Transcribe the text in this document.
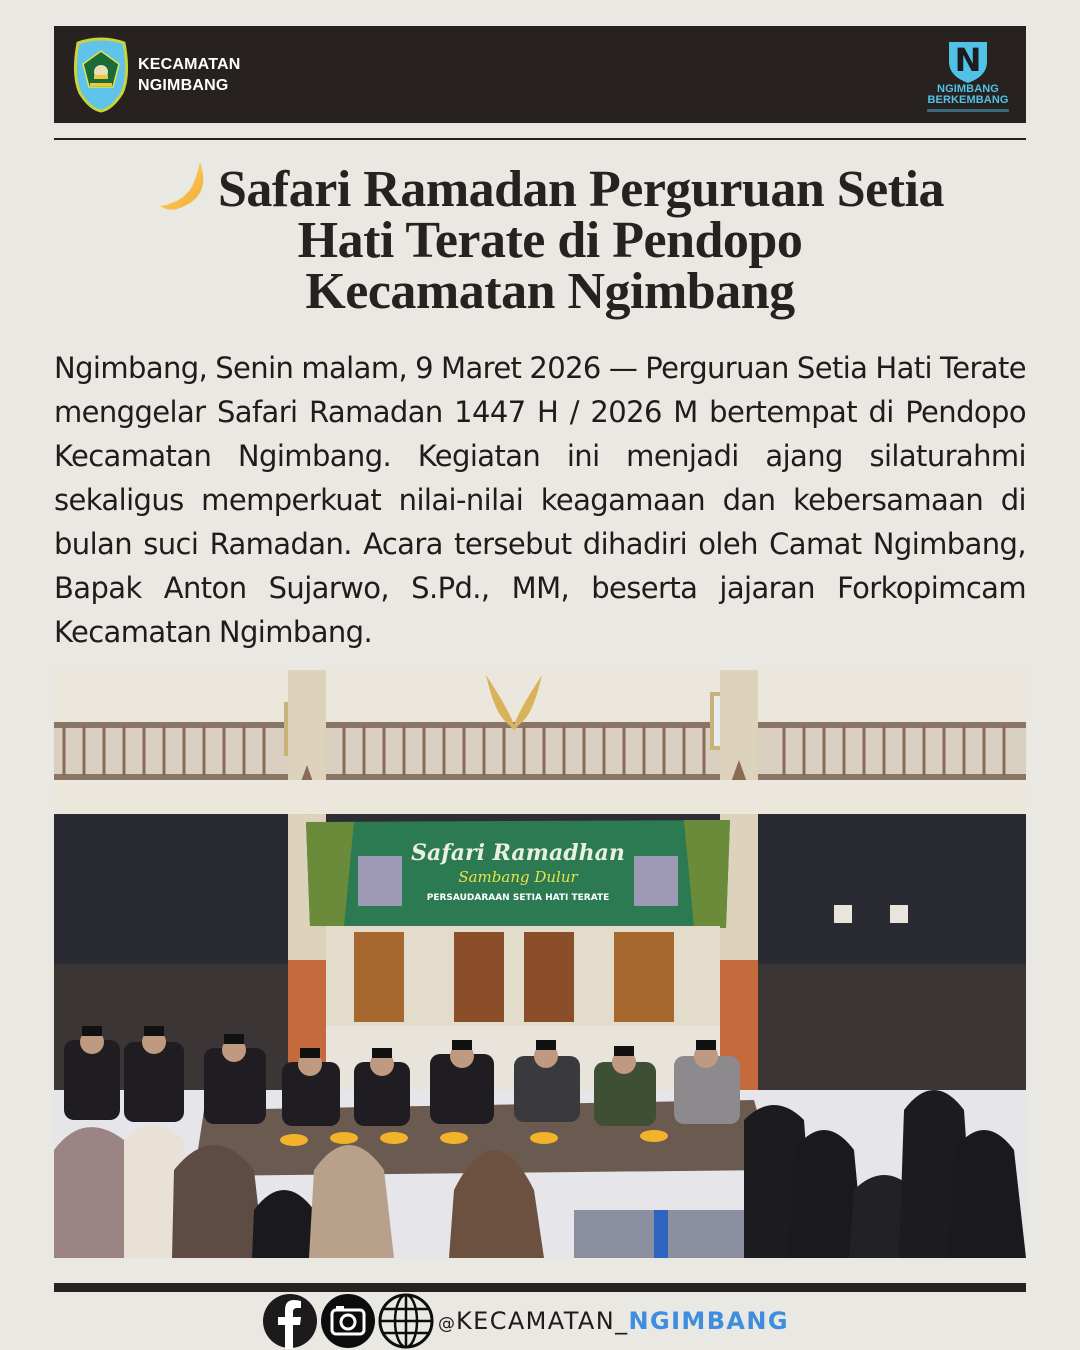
KECAMATAN
NGIMBANG
N
NGIMBANG
BERKEMBANG
Safari Ramadan Perguruan Setia
Hati Terate di Pendopo
Kecamatan Ngimbang

Ngimbang, Senin malam, 9 Maret 2026 — Perguruan Setia Hati Terate menggelar Safari Ramadan 1447 H / 2026 M bertempat di Pendopo Kecamatan Ngimbang. Kegiatan ini menjadi ajang silaturahmi sekaligus memperkuat nilai-nilai keagamaan dan kebersamaan di bulan suci Ramadan. Acara tersebut dihadiri oleh Camat Ngimbang, Bapak Anton Sujarwo, S.Pd., MM, beserta jajaran Forkopimcam Kecamatan Ngimbang.

Safari Ramadhan
Sambang Dulur
PERSAUDARAAN SETIA HATI TERATE
@KECAMATAN_NGIMBANG
